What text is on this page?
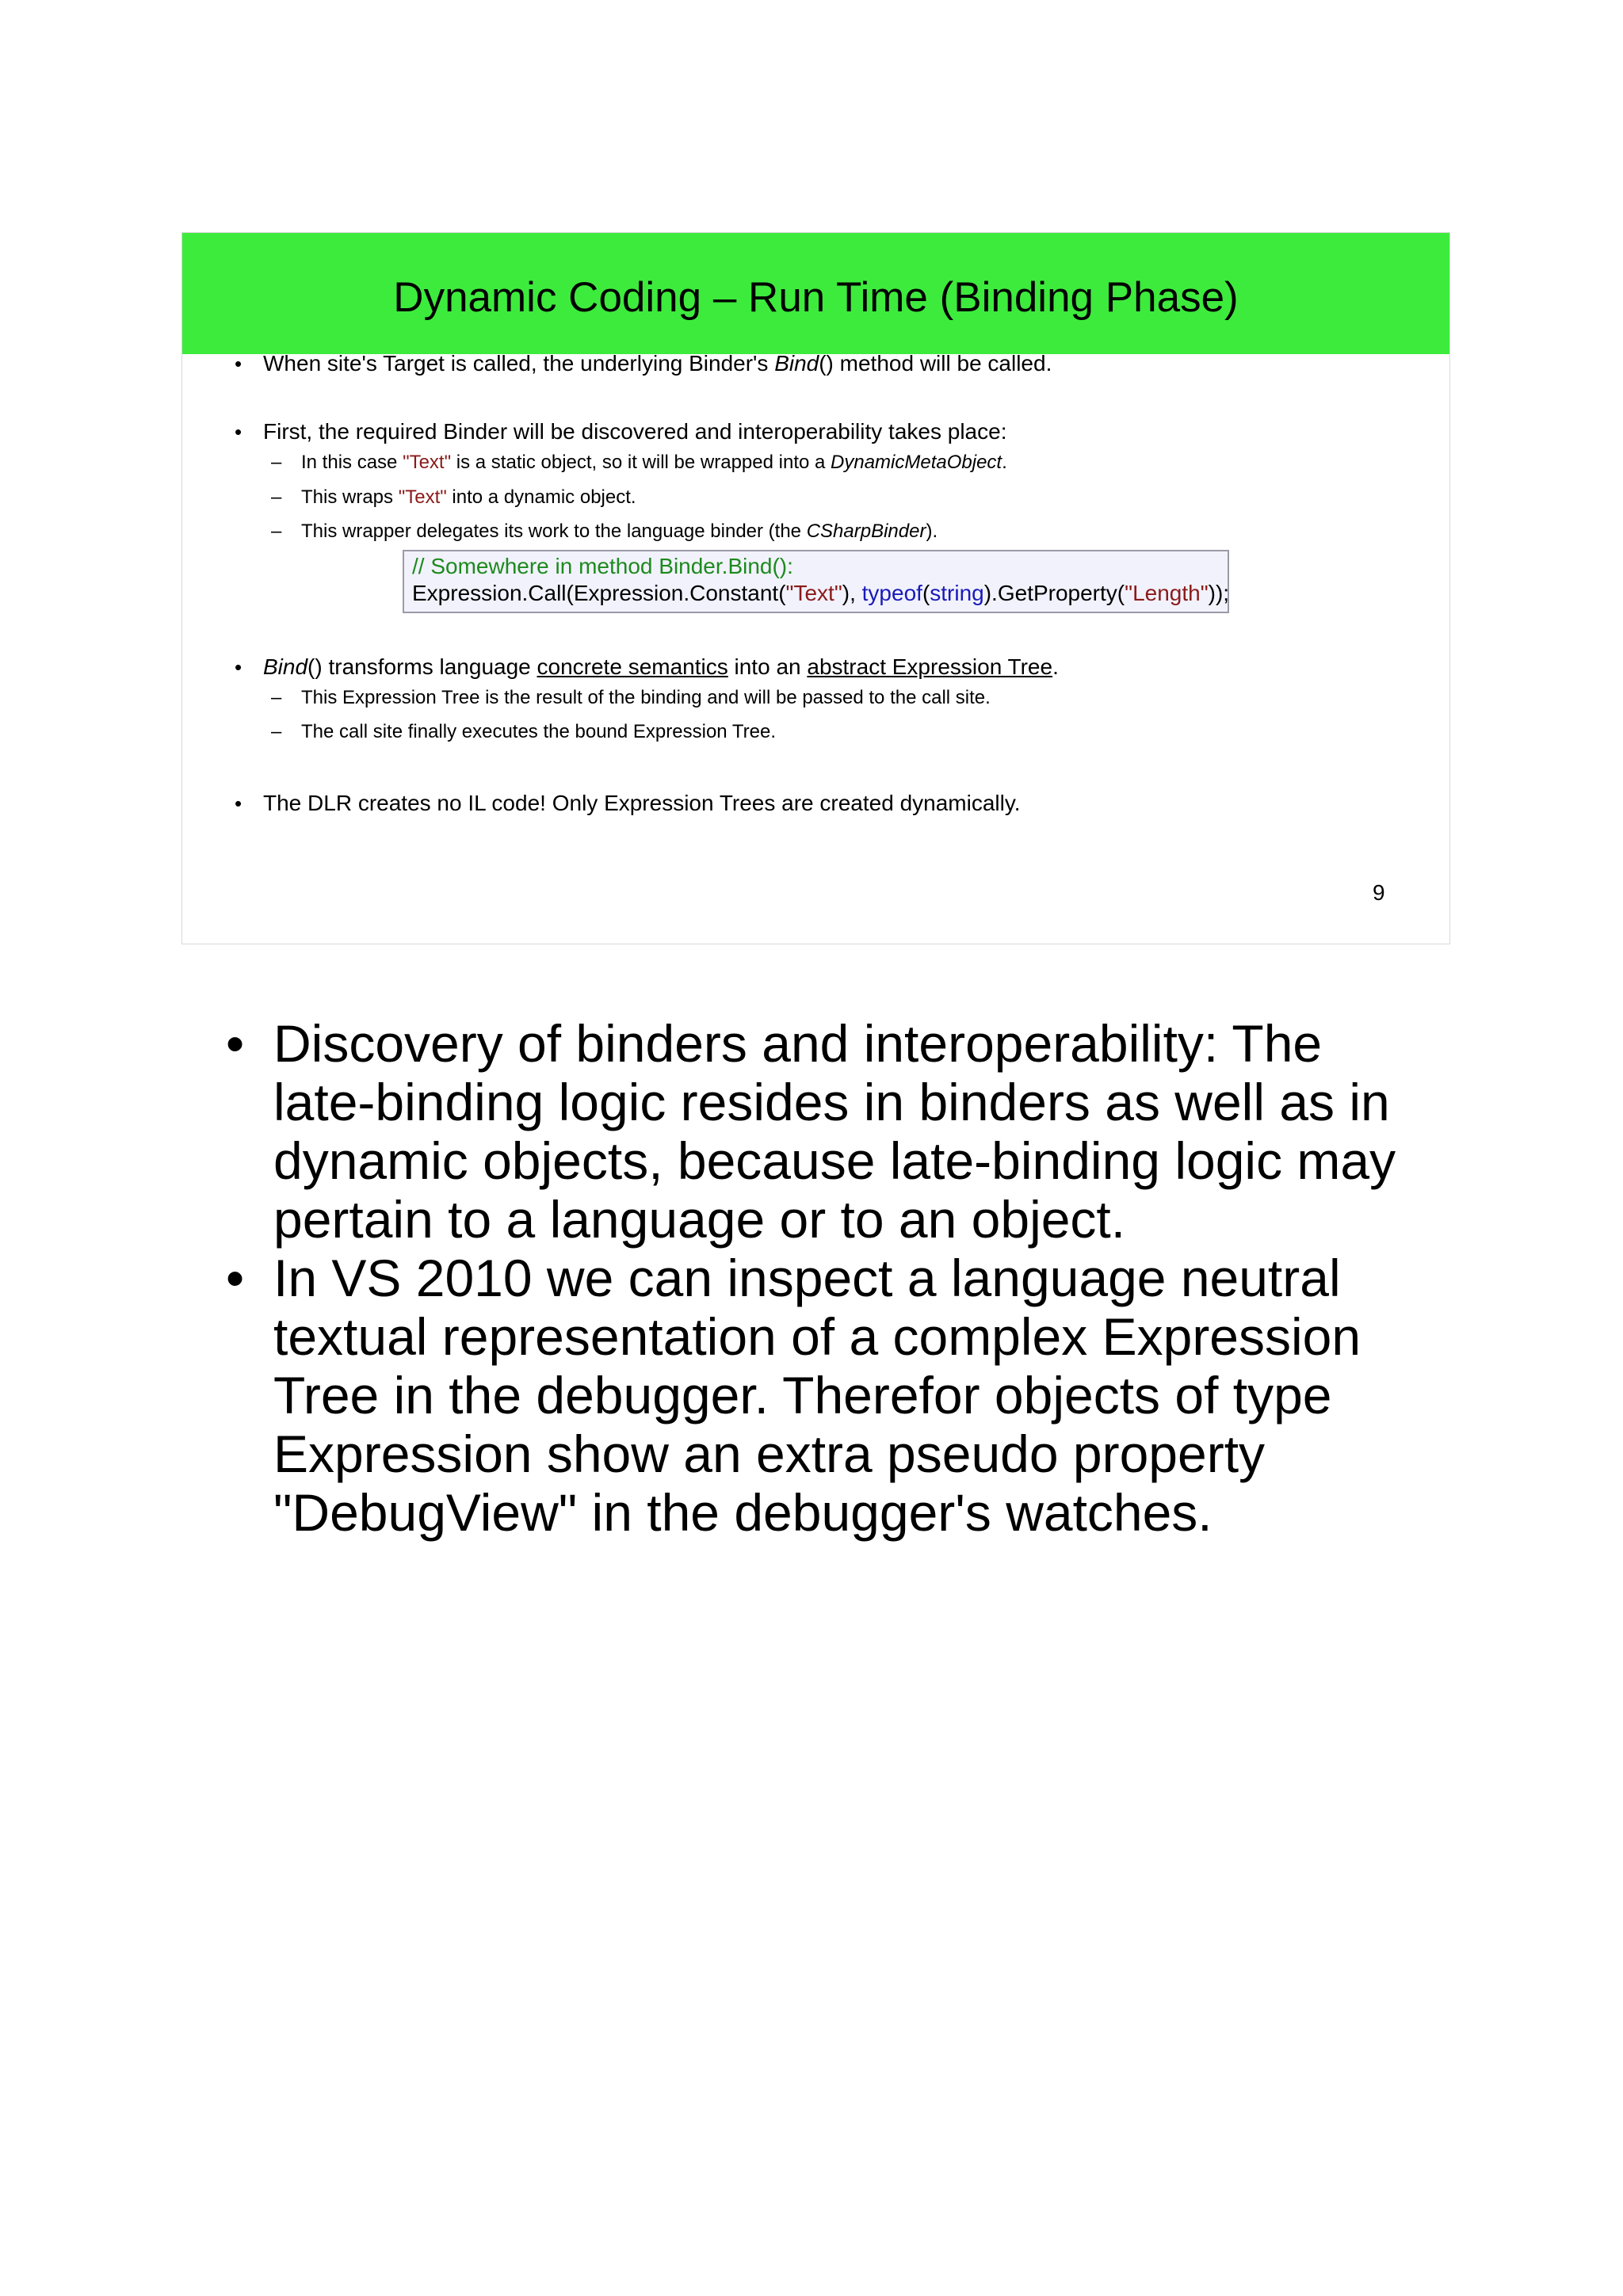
Dynamic Coding – Run Time (Binding Phase)
• When site's Target is called, the underlying Binder's Bind() method will be called.
• First, the required Binder will be discovered and interoperability takes place:
– In this case "Text" is a static object, so it will be wrapped into a DynamicMetaObject.
– This wraps "Text" into a dynamic object.
– This wrapper delegates its work to the language binder (the CSharpBinder).
// Somewhere in method Binder.Bind():
Expression.Call(Expression.Constant("Text"), typeof(string).GetProperty("Length"));
• Bind() transforms language concrete semantics into an abstract Expression Tree.
– This Expression Tree is the result of the binding and will be passed to the call site.
– The call site finally executes the bound Expression Tree.
• The DLR creates no IL code! Only Expression Trees are created dynamically.
9
• Discovery of binders and interoperability: The
late-binding logic resides in binders as well as in
dynamic objects, because late-binding logic may
pertain to a language or to an object.
• In VS 2010 we can inspect a language neutral
textual representation of a complex Expression
Tree in the debugger. Therefor objects of type
Expression show an extra pseudo property
"DebugView" in the debugger's watches.
